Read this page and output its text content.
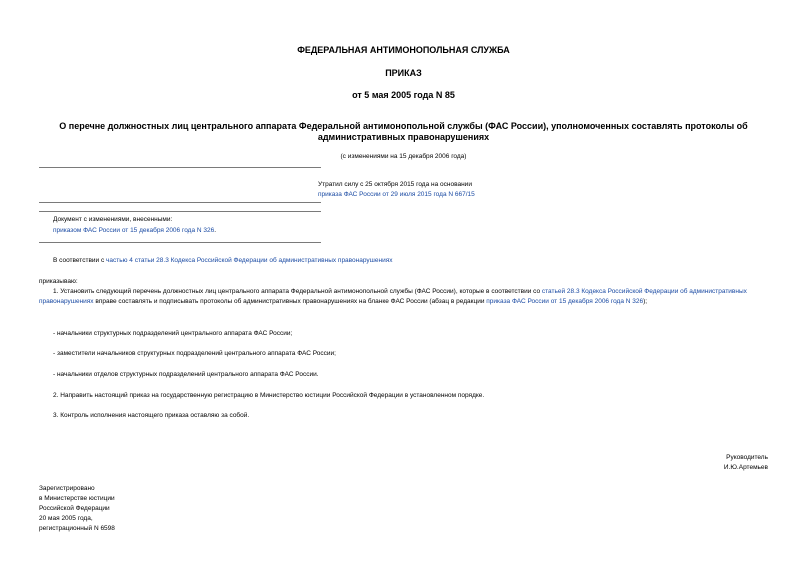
ФЕДЕРАЛЬНАЯ АНТИМОНОПОЛЬНАЯ СЛУЖБА
ПРИКАЗ
от 5 мая 2005 года N 85
О перечне должностных лиц центрального аппарата Федеральной антимонопольной службы (ФАС России), уполномоченных составлять протоколы об административных правонарушениях
(с изменениями на 15 декабря 2006 года)
Утратил силу с 25 октября 2015 года на основании
приказа ФАС России от 29 июля 2015 года N 667/15
Документ с изменениями, внесенными:
приказом ФАС России от 15 декабря 2006 года N 326.
В соответствии с частью 4 статьи 28.3 Кодекса Российской Федерации об административных правонарушениях
приказываю:
1. Установить следующий перечень должностных лиц центрального аппарата Федеральной антимонопольной службы (ФАС России), которые в соответствии со статьей 28.3 Кодекса Российской Федерации об административных правонарушениях вправе составлять и подписывать протоколы об административных правонарушениях на бланке ФАС России (абзац в редакции приказа ФАС России от 15 декабря 2006 года N 326);
- начальники структурных подразделений центрального аппарата ФАС России;
- заместители начальников структурных подразделений центрального аппарата ФАС России;
- начальники отделов структурных подразделений центрального аппарата ФАС России.
2. Направить настоящий приказ на государственную регистрацию в Министерство юстиции Российской Федерации в установленном порядке.
3. Контроль исполнения настоящего приказа оставляю за собой.
Руководитель
И.Ю.Артемьев
Зарегистрировано
в Министерстве юстиции
Российской Федерации
20 мая 2005 года,
регистрационный N 6598
